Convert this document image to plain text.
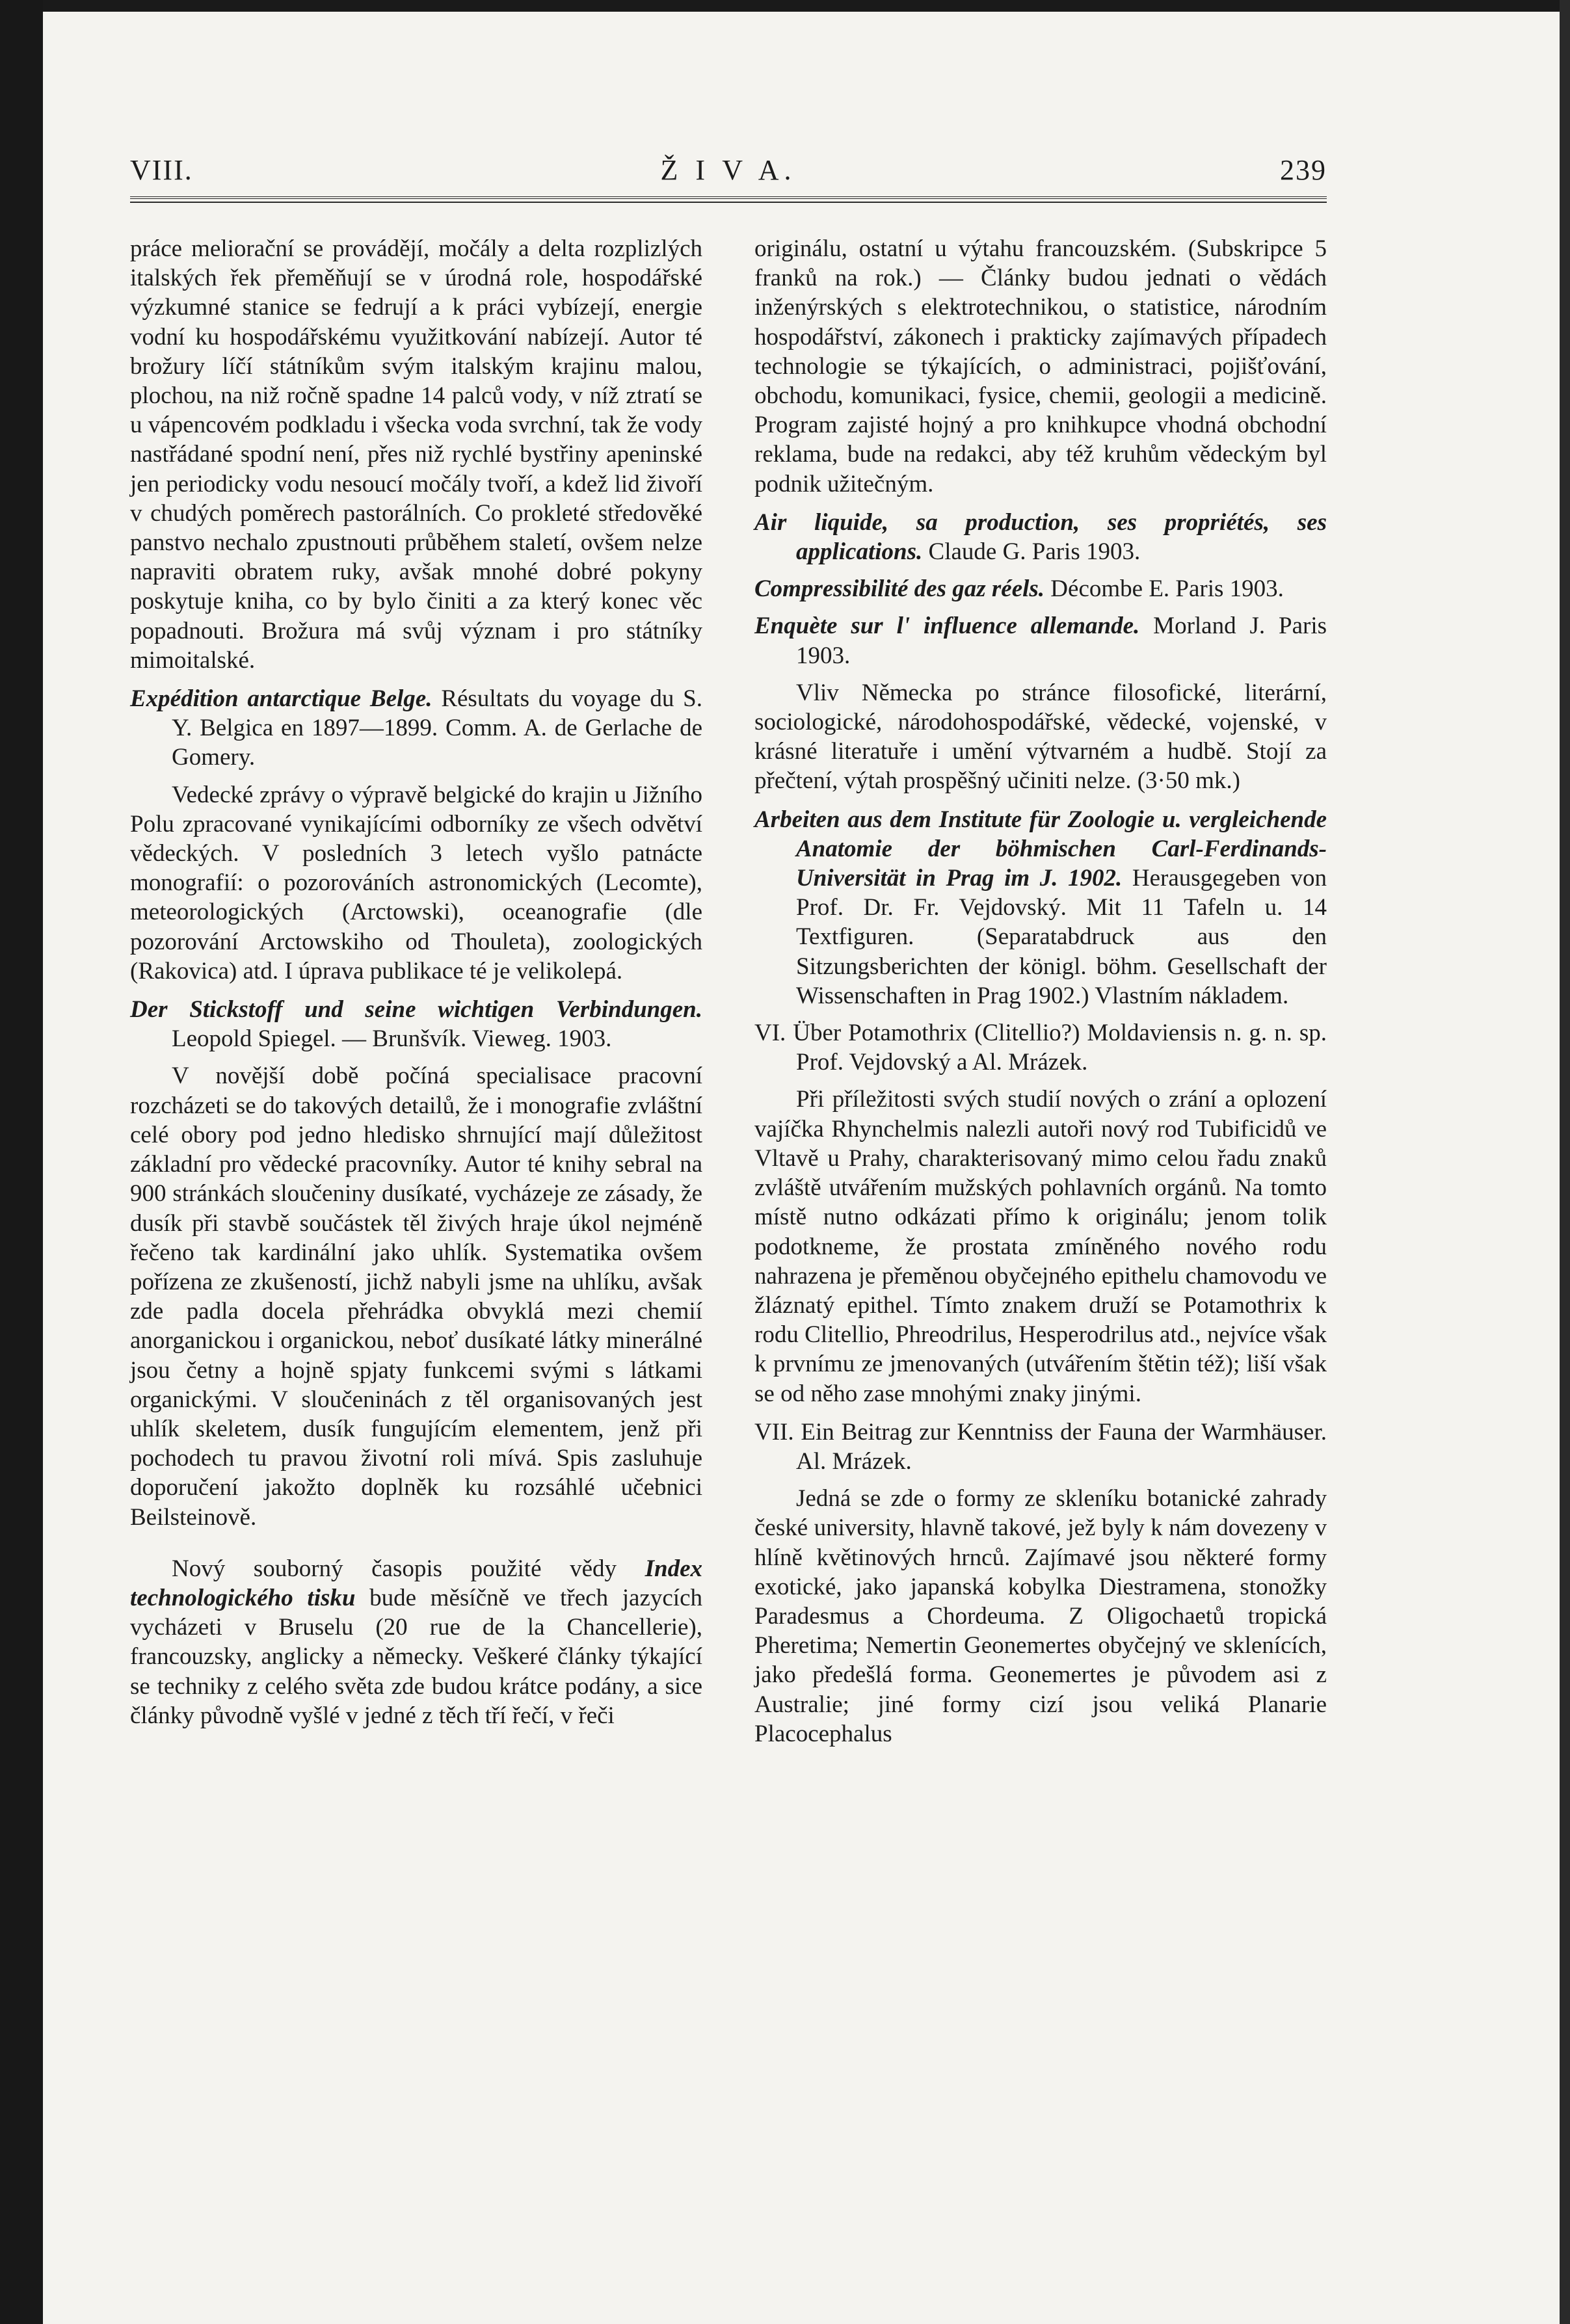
VIII.	Ž I V A.	239

práce meliorační se provádějí, močály a delta rozplizlých italských řek přeměňují se v úrodná role, hospodářské výzkumné stanice se fedrují a k práci vybízejí, energie vodní ku hospodářskému využitkování nabízejí. Autor té brožury líčí státníkům svým italským krajinu malou, plochou, na niž ročně spadne 14 palců vody, v níž ztratí se u vápencovém podkladu i všecka voda svrchní, tak že vody nastřádané spodní není, přes niž rychlé bystřiny apeninské jen periodicky vodu nesoucí močály tvoří, a kdež lid živoří v chudých poměrech pastorálních. Co prokleté středověké panstvo nechalo zpustnouti průběhem staletí, ovšem nelze napraviti obratem ruky, avšak mnohé dobré pokyny poskytuje kniha, co by bylo činiti a za který konec věc popadnouti. Brožura má svůj význam i pro státníky mimoitalské.

Expédition antarctique Belge. Résultats du voyage du S. Y. Belgica en 1897—1899. Comm. A. de Gerlache de Gomery.

Vedecké zprávy o výpravě belgické do krajin u Jižního Polu zpracované vynikajícími odborníky ze všech odvětví vědeckých. V posledních 3 letech vyšlo patnácte monografií: o pozorováních astronomických (Lecomte), meteorologických (Arctowski), oceanografie (dle pozorování Arctowskiho od Thouleta), zoologických (Rakovica) atd. I úprava publikace té je velikolepá.

Der Stickstoff und seine wichtigen Verbindungen. Leopold Spiegel. — Brunšvík. Vieweg. 1903.

V novější době počíná specialisace pracovní rozcházeti se do takových detailů, že i monografie zvláštní celé obory pod jedno hledisko shrnující mají důležitost základní pro vědecké pracovníky. Autor té knihy sebral na 900 stránkách sloučeniny dusíkaté, vycházeje ze zásady, že dusík při stavbě součástek těl živých hraje úkol nejméně řečeno tak kardinální jako uhlík. Systematika ovšem pořízena ze zkušeností, jichž nabyli jsme na uhlíku, avšak zde padla docela přehrádka obvyklá mezi chemií anorganickou i organickou, neboť dusíkaté látky minerálné jsou četny a hojně spjaty funkcemi svými s látkami organickými. V sloučeninách z těl organisovaných jest uhlík skeletem, dusík fungujícím elementem, jenž při pochodech tu pravou životní roli mívá. Spis zasluhuje doporučení jakožto doplněk ku rozsáhlé učebnici Beilsteinově.

Nový souborný časopis použité vědy Index technologického tisku bude měsíčně ve třech jazycích vycházeti v Bruselu (20 rue de la Chancellerie), francouzsky, anglicky a německy. Veškeré články týkající se techniky z celého světa zde budou krátce podány, a sice články původně vyšlé v jedné z těch tří řečí, v řeči

originálu, ostatní u výtahu francouzském. (Subskripce 5 franků na rok.) — Články budou jednati o vědách inženýrských s elektrotechnikou, o statistice, národním hospodářství, zákonech i prakticky zajímavých případech technologie se týkajících, o administraci, pojišťování, obchodu, komunikaci, fysice, chemii, geologii a medicině. Program zajisté hojný a pro knihkupce vhodná obchodní reklama, bude na redakci, aby též kruhům vědeckým byl podnik užitečným.

Air liquide, sa production, ses propriétés, ses applications. Claude G. Paris 1903.

Compressibilité des gaz réels. Décombe E. Paris 1903.

Enquète sur l' influence allemande. Morland J. Paris 1903.

Vliv Německa po stránce filosofické, literární, sociologické, národohospodářské, vědecké, vojenské, v krásné literatuře i umění výtvarném a hudbě. Stojí za přečtení, výtah prospěšný učiniti nelze. (3·50 mk.)

Arbeiten aus dem Institute für Zoologie u. vergleichende Anatomie der böhmischen Carl-Ferdinands-Universität in Prag im J. 1902. Herausgegeben von Prof. Dr. Fr. Vejdovský. Mit 11 Tafeln u. 14 Textfiguren. (Separatabdruck aus den Sitzungsberichten der königl. böhm. Gesellschaft der Wissenschaften in Prag 1902.) Vlastním nákladem.

VI. Über Potamothrix (Clitellio?) Moldaviensis n. g. n. sp. Prof. Vejdovský a Al. Mrázek.

Při příležitosti svých studií nových o zrání a oplození vajíčka Rhynchelmis nalezli autoři nový rod Tubificidů ve Vltavě u Prahy, charakterisovaný mimo celou řadu znaků zvláště utvářením mužských pohlavních orgánů. Na tomto místě nutno odkázati přímo k originálu; jenom tolik podotkneme, že prostata zmíněného nového rodu nahrazena je přeměnou obyčejného epithelu chamovodu ve žláznatý epithel. Tímto znakem druží se Potamothrix k rodu Clitellio, Phreodrilus, Hesperodrilus atd., nejvíce však k prvnímu ze jmenovaných (utvářením štětin též); liší však se od něho zase mnohými znaky jinými.

VII. Ein Beitrag zur Kenntniss der Fauna der Warmhäuser. Al. Mrázek.

Jedná se zde o formy ze skleníku botanické zahrady české university, hlavně takové, jež byly k nám dovezeny v hlíně květinových hrnců. Zajímavé jsou některé formy exotické, jako japanská kobylka Diestramena, stonožky Paradesmus a Chordeuma. Z Oligochaetů tropická Pheretima; Nemertin Geonemertes obyčejný ve sklenících, jako předešlá forma. Geonemertes je původem asi z Australie; jiné formy cizí jsou veliká Planarie Placocephalus
